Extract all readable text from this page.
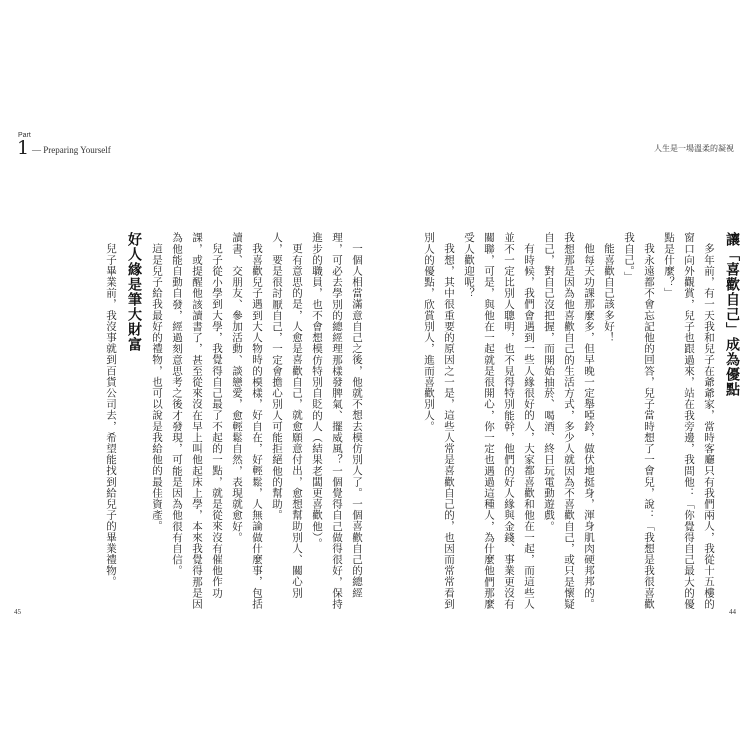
Part
1 — Preparing Yourself

一個人相當滿意自己之後，他就不想去模仿別人了。一個喜歡自己的總經理，可必去學別的總經理那樣發脾氣、擺威風？一個覺得自己做得很好，保持進步的職員，也不會想模仿特別自貶的人（結果老闆更喜歡他）。

更有意思的是，人愈是喜歡自己，就愈願意付出，愈想幫助別人、關心別人，要是很討厭自己，一定會擔心別人可能拒絕他的幫助。

我喜歡兒子遇到大人物時的模樣，好自在，好輕鬆，人無論做什麼事，包括讀書、交朋友、參加活動、談戀愛，愈輕鬆自然，表現就愈好。

兒子從小學到大學，我覺得自己最了不起的一點，就是從來沒有催他作功課，或提醒他該讀書了，甚至從來沒在早上叫他起床上學，本來我覺得那是因為他能自動自發，經過刻意思考之後才發現，可能是因為他很有自信。

這是兒子給我最好的禮物，也可以說是我給他的最佳資產。

好人緣是筆大財富

兒子畢業前，我沒事就到百貨公司去，希望能找到給兒子的畢業禮物。

45
人生是一場溫柔的凝視

讓「喜歡自己」成為優點

多年前，有一天我和兒子在爺爺家，當時客廳只有我們兩人，我從十五樓的窗口向外觀賞，兒子也跟過來，站在我旁邊，我問他：「你覺得自己最大的優點是什麼？」

我永遠都不會忘記他的回答，兒子當時想了一會兒，說：「我想是我很喜歡我自己。」

能喜歡自己該多好！

他每天功課那麼多，但早晚一定舉啞鈴，做伏地挺身，渾身肌肉硬邦邦的。我想那是因為他喜歡自己的生活方式，多少人就因為不喜歡自己，或只是懷疑自己，對自己沒把握，而開始抽菸、喝酒、終日玩電動遊戲。

有時候，我們會遇到一些人緣很好的人，大家都喜歡和他在一起，而這些人並不一定比別人聰明，也不見得特別能幹，他們的好人緣與金錢、事業更沒有關聯，可是，與他在一起就是很開心，你一定也遇過這種人，為什麼他們那麼受人歡迎呢？

我想，其中很重要的原因之一是，這些人常是喜歡自己的，也因而常常看到別人的優點，欣賞別人，進而喜歡別人。

44
